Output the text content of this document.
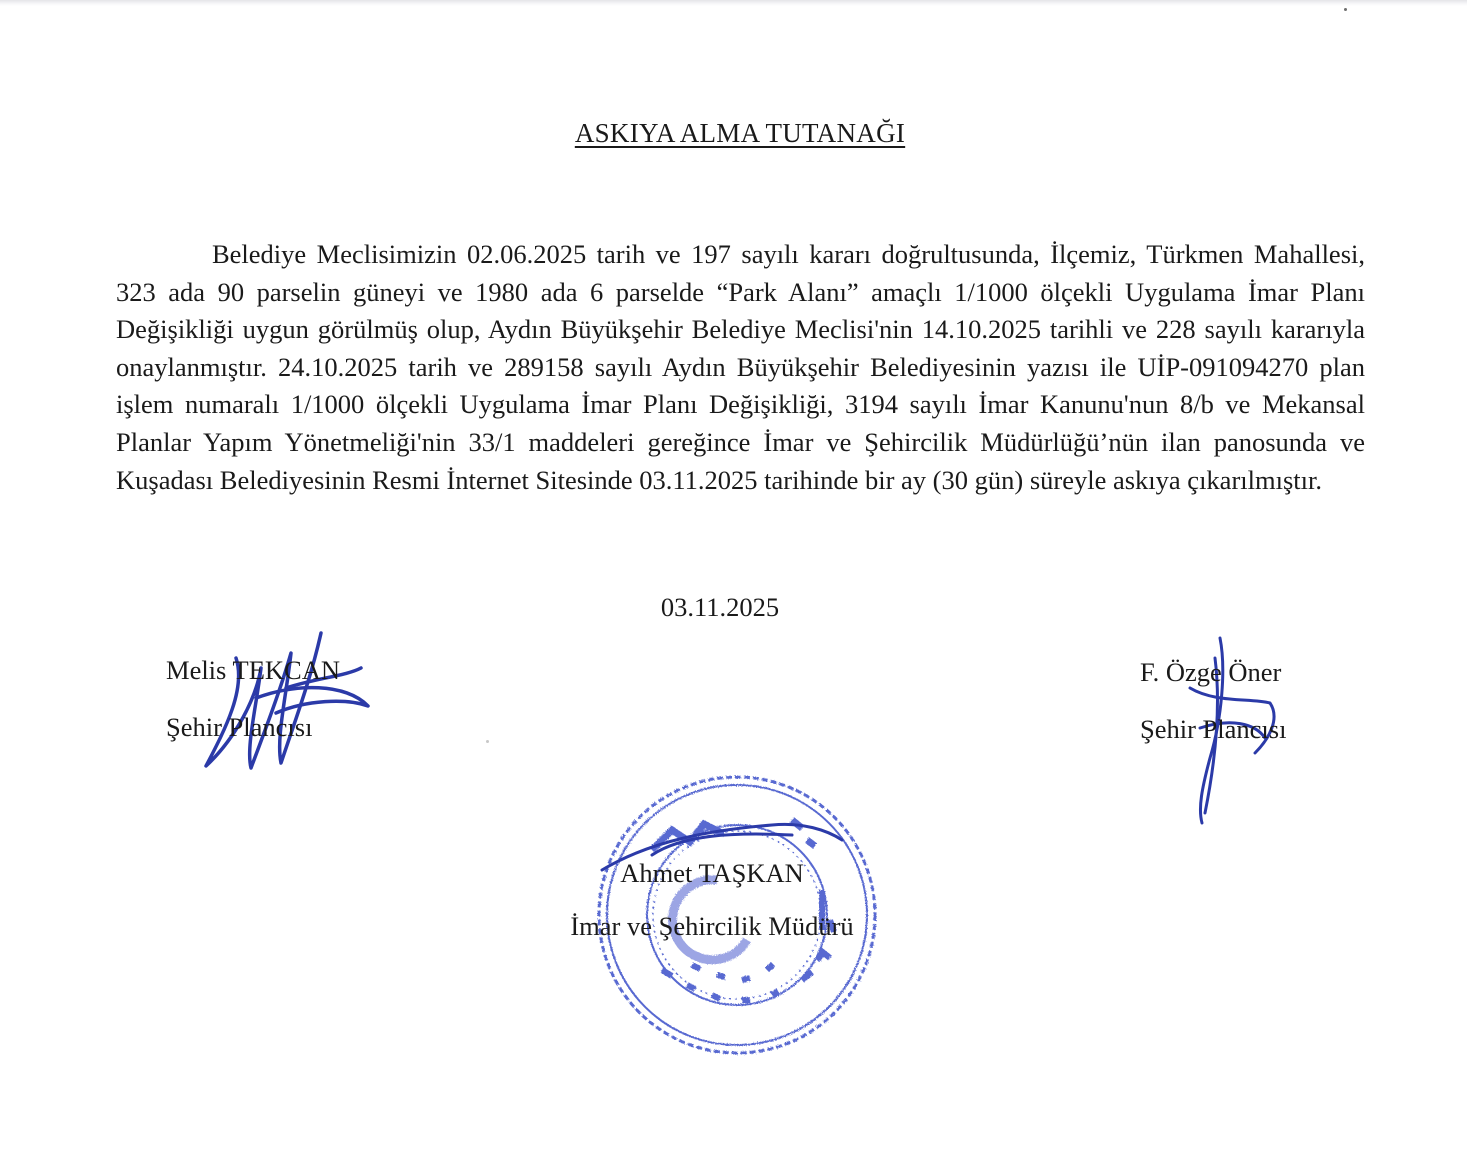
ASKIYA ALMA TUTANAĞI

Belediye Meclisimizin 02.06.2025 tarih ve 197 sayılı kararı doğrultusunda, İlçemiz, Türkmen Mahallesi, 323 ada 90 parselin güneyi ve 1980 ada 6 parselde “Park Alanı” amaçlı 1/1000 ölçekli Uygulama İmar Planı Değişikliği uygun görülmüş olup, Aydın Büyükşehir Belediye Meclisi'nin 14.10.2025 tarihli ve 228 sayılı kararıyla onaylanmıştır. 24.10.2025 tarih ve 289158 sayılı Aydın Büyükşehir Belediyesinin yazısı ile UİP-091094270 plan işlem numaralı 1/1000 ölçekli Uygulama İmar Planı Değişikliği, 3194 sayılı İmar Kanunu'nun 8/b ve Mekansal Planlar Yapım Yönetmeliği'nin 33/1 maddeleri gereğince İmar ve Şehircilik Müdürlüğü’nün ilan panosunda ve Kuşadası Belediyesinin Resmi İnternet Sitesinde 03.11.2025 tarihinde bir ay (30 gün) süreyle askıya çıkarılmıştır.

03.11.2025
Melis TEKCAN
Şehir Plancısı
F. Özge Öner
Şehir Plancısı
Ahmet TAŞKAN
İmar ve Şehircilik Müdürü
